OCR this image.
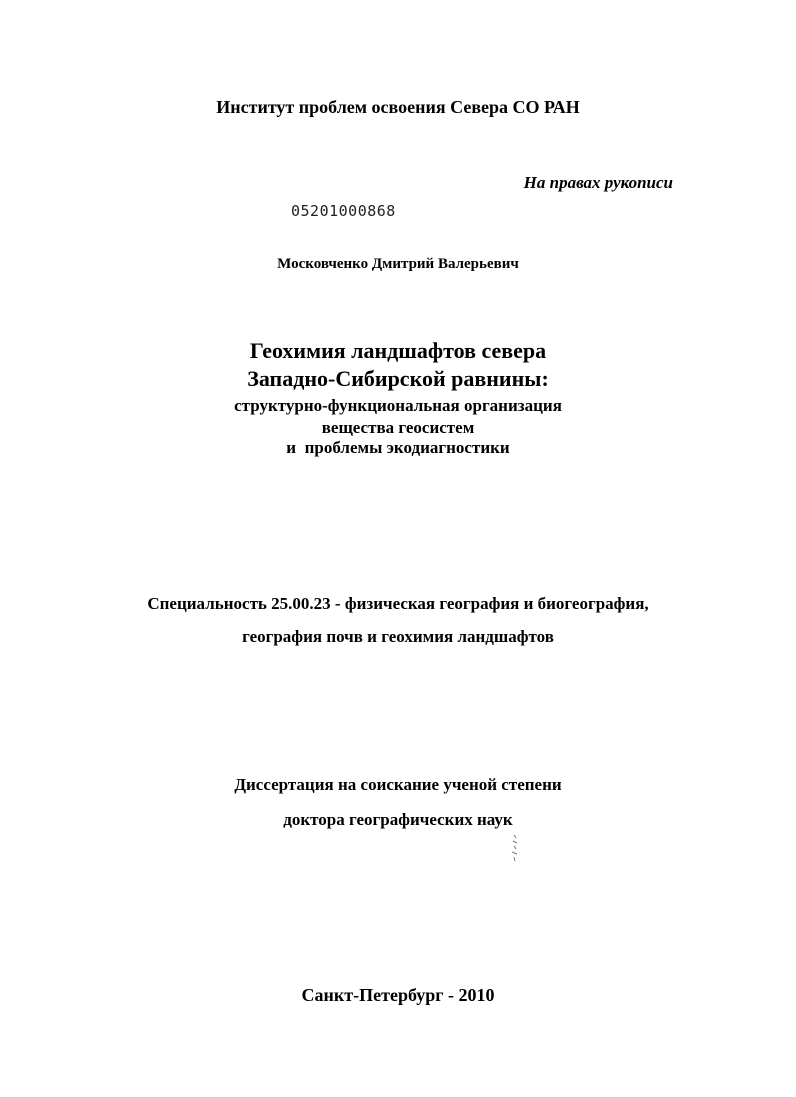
Институт проблем освоения Севера СО РАН
На правах рукописи
05201000868
Московченко Дмитрий Валерьевич
Геохимия ландшафтов севера
Западно-Сибирской равнины:
структурно-функциональная организация
вещества геосистем
и  проблемы экодиагностики
Специальность 25.00.23 - физическая география и биогеография,
география почв и геохимия ландшафтов
Диссертация на соискание ученой степени
доктора географических наук
Санкт-Петербург - 2010
